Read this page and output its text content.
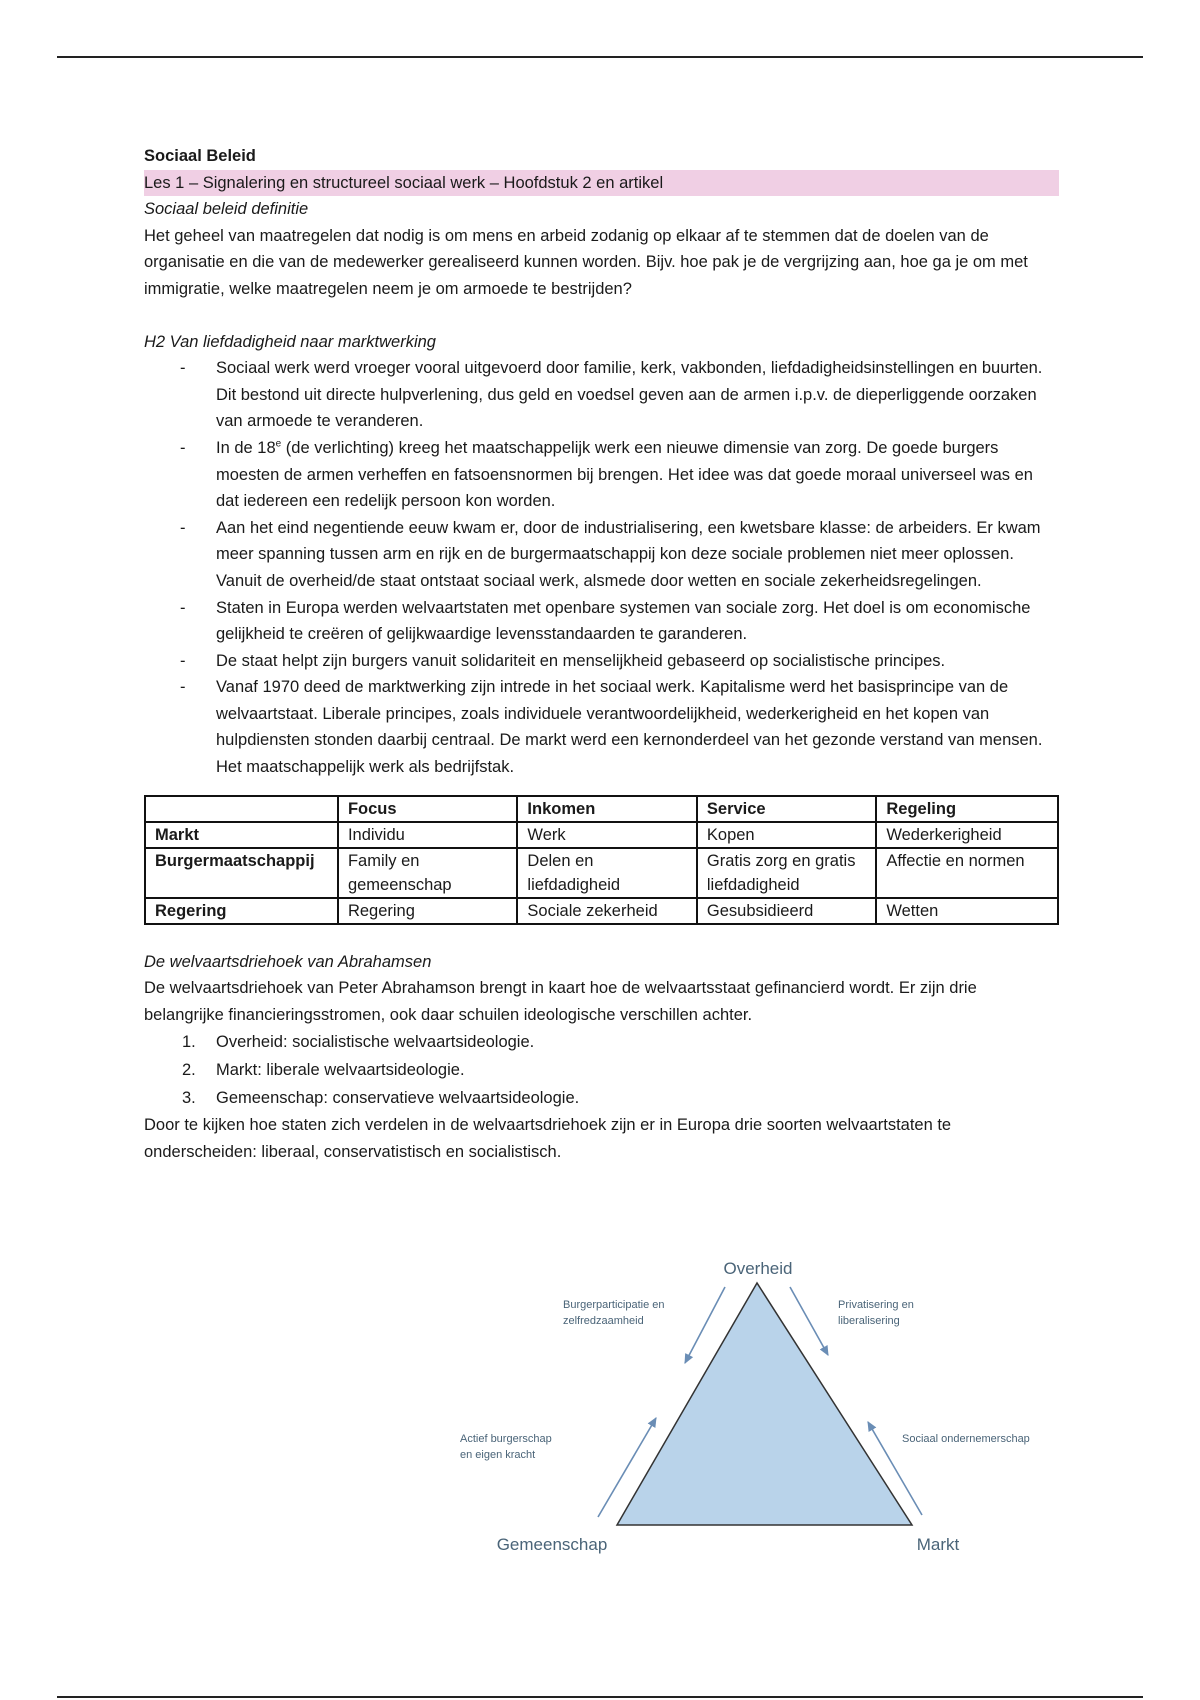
Sociaal Beleid

Les 1 – Signalering en structureel sociaal werk – Hoofdstuk 2 en artikel

Sociaal beleid definitie

Het geheel van maatregelen dat nodig is om mens en arbeid zodanig op elkaar af te stemmen dat de doelen van de organisatie en die van de medewerker gerealiseerd kunnen worden. Bijv. hoe pak je de vergrijzing aan, hoe ga je om met immigratie, welke maatregelen neem je om armoede te bestrijden?

H2 Van liefdadigheid naar marktwerking

- Sociaal werk werd vroeger vooral uitgevoerd door familie, kerk, vakbonden, liefdadigheidsinstellingen en buurten. Dit bestond uit directe hulpverlening, dus geld en voedsel geven aan de armen i.p.v. de dieperliggende oorzaken van armoede te veranderen.
- In de 18e (de verlichting) kreeg het maatschappelijk werk een nieuwe dimensie van zorg. De goede burgers moesten de armen verheffen en fatsoensnormen bij brengen. Het idee was dat goede moraal universeel was en dat iedereen een redelijk persoon kon worden.
- Aan het eind negentiende eeuw kwam er, door de industrialisering, een kwetsbare klasse: de arbeiders. Er kwam meer spanning tussen arm en rijk en de burgermaatschappij kon deze sociale problemen niet meer oplossen. Vanuit de overheid/de staat ontstaat sociaal werk, alsmede door wetten en sociale zekerheidsregelingen.
- Staten in Europa werden welvaartstaten met openbare systemen van sociale zorg. Het doel is om economische gelijkheid te creëren of gelijkwaardige levensstandaarden te garanderen.
- De staat helpt zijn burgers vanuit solidariteit en menselijkheid gebaseerd op socialistische principes.
- Vanaf 1970 deed de marktwerking zijn intrede in het sociaal werk. Kapitalisme werd het basisprincipe van de welvaartstaat. Liberale principes, zoals individuele verantwoordelijkheid, wederkerigheid en het kopen van hulpdiensten stonden daarbij centraal. De markt werd een kernonderdeel van het gezonde verstand van mensen. Het maatschappelijk werk als bedrijfstak.
	Focus	Inkomen	Service	Regeling
Markt	Individu	Werk	Kopen	Wederkerigheid
Burgermaatschappij	Family en gemeenschap	Delen en liefdadigheid	Gratis zorg en gratis liefdadigheid	Affectie en normen
Regering	Regering	Sociale zekerheid	Gesubsidieerd	Wetten

De welvaartsdriehoek van Abrahamsen

De welvaartsdriehoek van Peter Abrahamson brengt in kaart hoe de welvaartsstaat gefinancierd wordt. Er zijn drie belangrijke financieringsstromen, ook daar schuilen ideologische verschillen achter.

1. Overheid: socialistische welvaartsideologie.
2. Markt: liberale welvaartsideologie.
3. Gemeenschap: conservatieve welvaartsideologie.

Door te kijken hoe staten zich verdelen in de welvaartsdriehoek zijn er in Europa drie soorten welvaartstaten te onderscheiden: liberaal, conservatistisch en socialistisch.

Overheid
Gemeenschap	Markt
Burgerparticipatie en
zelfredzaamheid
Privatisering en
liberalisering
Actief burgerschap
en eigen kracht
Sociaal ondernemerschap
